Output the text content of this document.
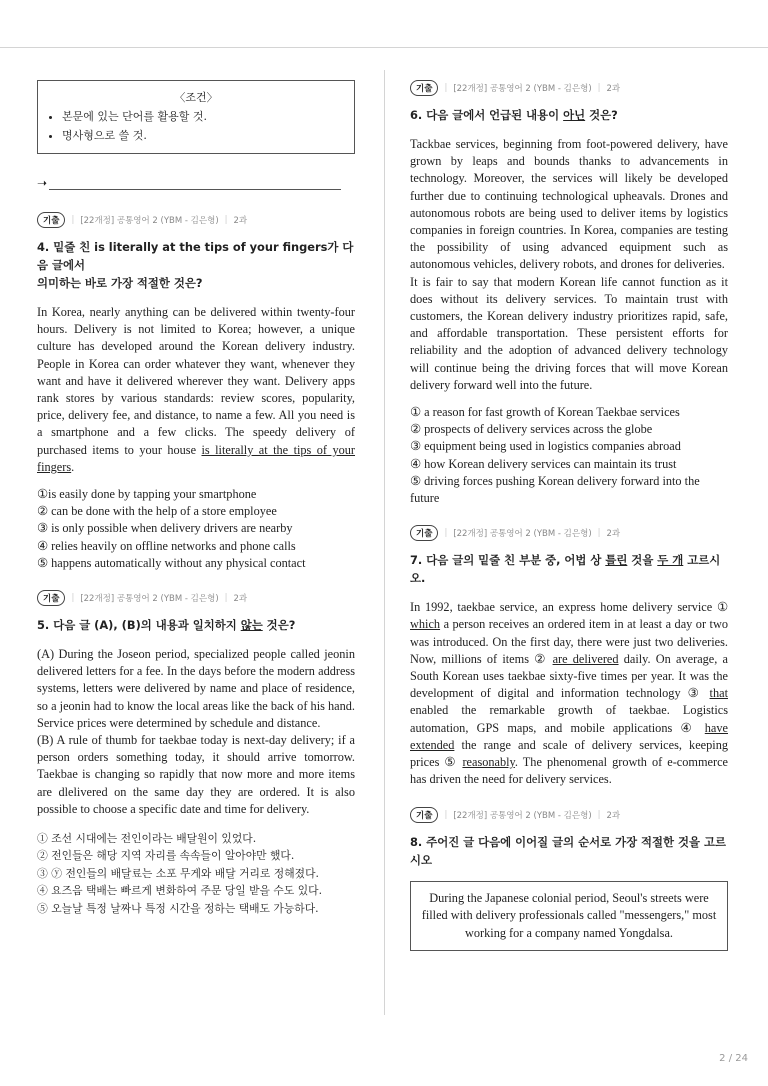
〈조건〉
• 본문에 있는 단어를 활용할 것.
• 명사형으로 쓸 것.
➝
기출	| [22개정] 공통영어 2 (YBM - 김은형) | 2과
4. 밑줄 친 is literally at the tips of your fingers가 다음 글에서
의미하는 바로 가장 적절한 것은?

In Korea, nearly anything can be delivered within twenty-four hours. Delivery is not limited to Korea; however, a unique culture has developed around the Korean delivery industry. People in Korea can order whatever they want, whenever they want and have it delivered wherever they want. Delivery apps rank stores by various standards: review scores, popularity, price, delivery fee, and distance, to name a few. All you need is a smartphone and a few clicks. The speedy delivery of purchased items to your house is literally at the tips of your fingers.

①is easily done by tapping your smartphone
② can be done with the help of a store employee
③ is only possible when delivery drivers are nearby
④ relies heavily on offline networks and phone calls
⑤ happens automatically without any physical contact
기출	| [22개정] 공통영어 2 (YBM - 김은형) | 2과
5. 다음 글 (A), (B)의 내용과 일치하지 않는 것은?

(A) During the Joseon period, specialized people called jeonin delivered letters for a fee. In the days before the modern address systems, letters were delivered by name and place of residence, so a jeonin had to know the local areas like the back of his hand. Service prices were determined by schedule and distance.

(B) A rule of thumb for taekbae today is next-day delivery; if a person orders something today, it should arrive tomorrow. Taekbae is changing so rapidly that now more and more items are dlelivered on the same day they are ordered. It is also possible to choose a specific date and time for delivery.

① 조선 시대에는 전인이라는 배달원이 있었다.
② 전인들은 해당 지역 자리를 속속들이 알아야만 했다.
③ ⓨ 전인들의 배달료는 소포 무게와 배달 거리로 정해졌다.
④ 요즈음 택배는 빠르게 변화하여 주문 당일 받을 수도 있다.
⑤ 오늘날 특정 날짜나 특정 시간을 정하는 택배도 가능하다.
기출	| [22개정] 공통영어 2 (YBM - 김은형) | 2과
6. 다음 글에서 언급된 내용이 아닌 것은?

Tackbae services, beginning from foot-powered delivery, have grown by leaps and bounds thanks to advancements in technology. Moreover, the services will likely be developed further due to continuing technological upheavals. Drones and autonomous robots are being used to deliver items by logistics companies in foreign countries. In Korea, companies are testing the possibility of using advanced equipment such as autonomous vehicles, delivery robots, and drones for deliveries.

It is fair to say that modern Korean life cannot function as it does without its delivery services. To maintain trust with customers, the Korean delivery industry prioritizes rapid, safe, and affordable transportation. These persistent efforts for reliability and the adoption of advanced delivery technology will continue being the driving forces that will move Korean delivery forward well into the future.

① a reason for fast growth of Korean Taekbae services
② prospects of delivery services across the globe
③ equipment being used in logistics companies abroad
④ how Korean delivery services can maintain its trust
⑤ driving forces pushing Korean delivery forward into the future
기출	| [22개정] 공통영어 2 (YBM - 김은형) | 2과
7. 다음 글의 밑줄 친 부분 중, 어법 상 틀린 것을 두 개 고르시오.

In 1992, taekbae service, an express home delivery service ① which a person receives an ordered item in at least a day or two was introduced. On the first day, there were just two deliveries. Now, millions of items ② are delivered daily. On average, a South Korean uses taekbae sixty-five times per year. It was the development of digital and information technology ③ that enabled the remarkable growth of taekbae. Logistics automation, GPS maps, and mobile applications ④ have extended the range and scale of delivery services, keeping prices ⑤ reasonably. The phenomenal growth of e-commerce has driven the need for delivery services.

기출	| [22개정] 공통영어 2 (YBM - 김은형) | 2과
8. 주어진 글 다음에 이어질 글의 순서로 가장 적절한 것을 고르시오
During the Japanese colonial period, Seoul's streets were filled with delivery professionals called "messengers," most working for a company named Yongdalsa.
2 / 24
